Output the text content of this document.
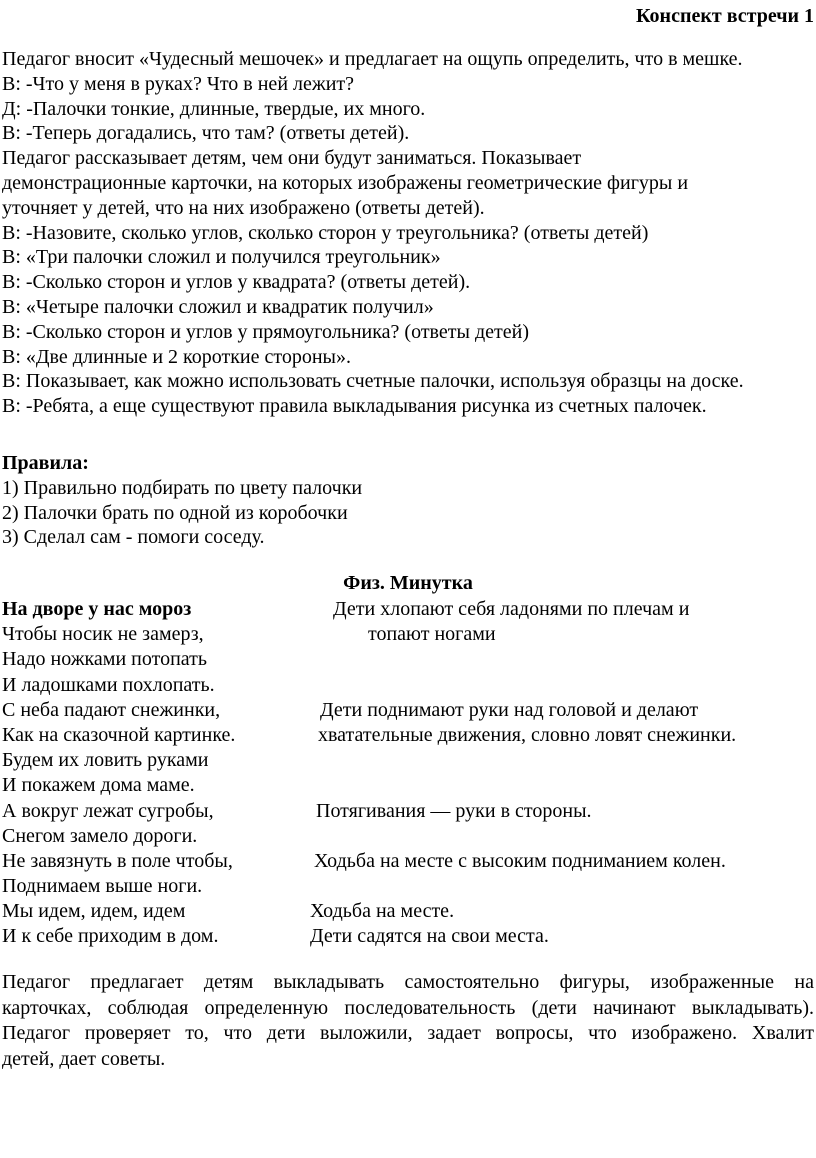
Конспект встречи 1
Педагог вносит «Чудесный мешочек» и предлагает на ощупь определить, что в мешке.
В: -Что у меня в руках? Что в ней лежит?
Д: -Палочки тонкие, длинные, твердые, их много.
В: -Теперь догадались, что там? (ответы детей).
Педагог рассказывает детям, чем они будут заниматься. Показывает
демонстрационные карточки, на которых изображены геометрические фигуры и
уточняет у детей, что на них изображено (ответы детей).
В: -Назовите, сколько углов, сколько сторон у треугольника? (ответы детей)
В: «Три палочки сложил и получился треугольник»
В: -Сколько сторон и углов у квадрата? (ответы детей).
В: «Четыре палочки сложил и квадратик получил»
В: -Сколько сторон и углов у прямоугольника? (ответы детей)
В: «Две длинные и 2 короткие стороны».
В: Показывает, как можно использовать счетные палочки, используя образцы на доске.
В: -Ребята, а еще существуют правила выкладывания рисунка из счетных палочек.
Правила:
1) Правильно подбирать по цвету палочки
2) Палочки брать по одной из коробочки
3) Сделал сам - помоги соседу.
Физ. Минутка
На дворе у нас мороз	Дети хлопают себя ладонями по плечам и
Чтобы носик не замерз,	топают ногами
Надо ножками потопать
И ладошками похлопать.
С неба падают снежинки,	Дети поднимают руки над головой и делают
Как на сказочной картинке.	хватательные движения, словно ловят снежинки.
Будем их ловить руками
И покажем дома маме.
А вокруг лежат сугробы,	Потягивания — руки в стороны.
Снегом замело дороги.
Не завязнуть в поле чтобы,	Ходьба на месте с высоким подниманием колен.
Поднимаем выше ноги.
Мы идем, идем, идем	Ходьба на месте.
И к себе приходим в дом.	Дети садятся на свои места.
Педагог предлагает детям выкладывать самостоятельно фигуры, изображенные на
карточках, соблюдая определенную последовательность (дети начинают выкладывать).
Педагог проверяет то, что дети выложили, задает вопросы, что изображено. Хвалит
детей, дает советы.
